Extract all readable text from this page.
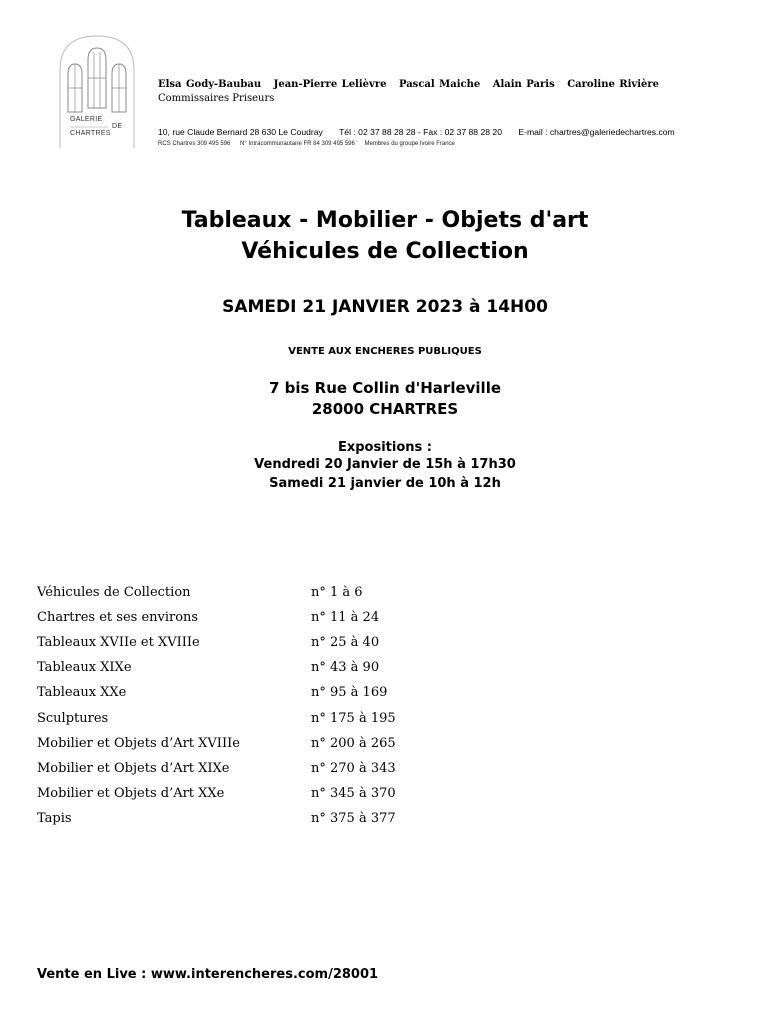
GALERIE
DE
CHARTRES
Elsa Gody-Baubau Jean-Pierre Lelièvre Pascal Maiche Alain Paris Caroline Rivière
Commissaires Priseurs
10, rue Claude Bernard 28 630 Le Coudray Tél : 02 37 88 28 28 - Fax : 02 37 88 28 20 E-mail : chartres@galeriedechartres.com
RCS Chartres 309 495 596 N° Intracommunautaire FR 84 309 495 596 Membres du groupe Ivoire France
Tableaux - Mobilier - Objets d'art
Véhicules de Collection
SAMEDI 21 JANVIER 2023 à 14H00
VENTE AUX ENCHERES PUBLIQUES
7 bis Rue Collin d'Harleville
28000 CHARTRES
Expositions :
Vendredi 20 Janvier de 15h à 17h30
Samedi 21 janvier de 10h à 12h
Véhicules de Collection	n° 1 à 6
Chartres et ses environs	n° 11 à 24
Tableaux XVIIe et XVIIIe	n° 25 à 40
Tableaux XIXe	n° 43 à 90
Tableaux XXe	n° 95 à 169
Sculptures	n° 175 à 195
Mobilier et Objets d’Art XVIIIe	n° 200 à 265
Mobilier et Objets d’Art XIXe	n° 270 à 343
Mobilier et Objets d’Art XXe	n° 345 à 370
Tapis	n° 375 à 377
Vente en Live : www.interencheres.com/28001
